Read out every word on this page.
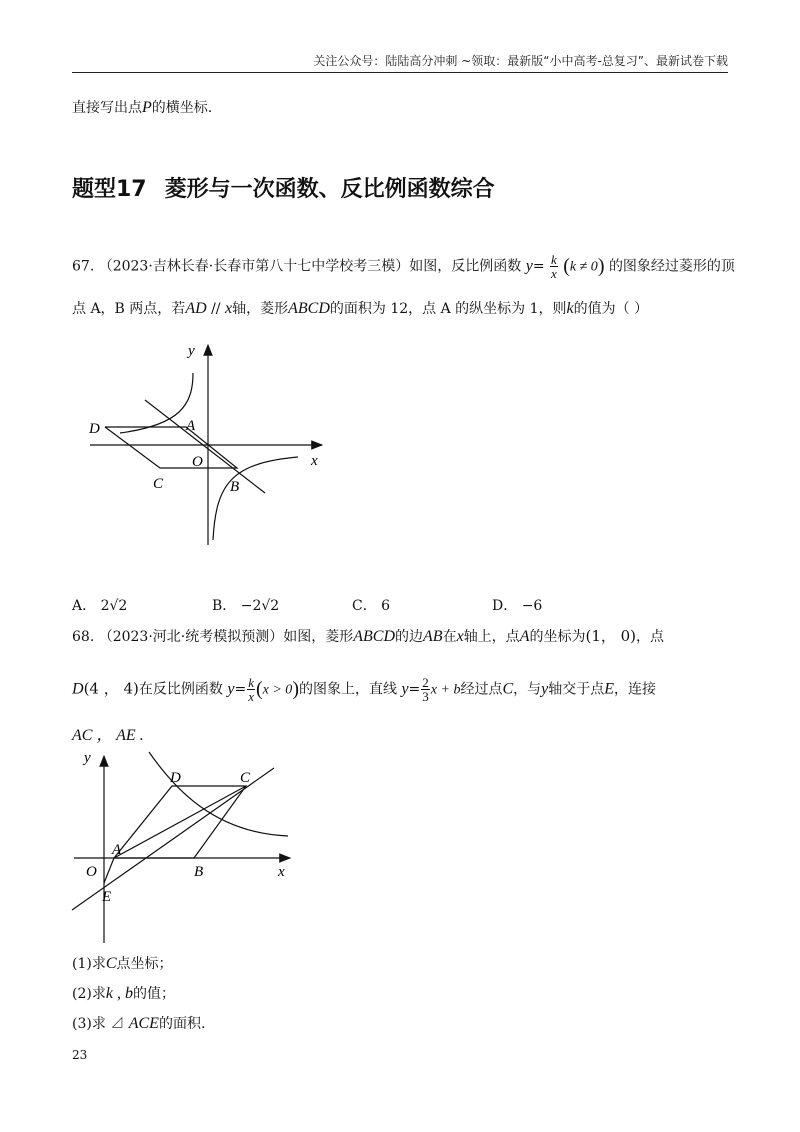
关注公众号：陆陆高分冲刺 ~领取：最新版“小中高考-总复习”、最新试卷下载
直接写出点P的横坐标.
题型17 菱形与一次函数、反比例函数综合
67. （2023·吉林长春·长春市第八十七中学校考三模）如图，反比例函数 $y= \frac{k}{x} (k \ne 0)$ 的图象经过菱形的顶
点 A，B 两点，若AD // x轴，菱形ABCD的面积为 12，点 A 的纵坐标为 1，则k的值为（ ）
y
D	A
O	x
C	B
A． 2√2	B． −2√2	C． 6	D． −6
68. （2023·河北·统考模拟预测）如图，菱形ABCD的边AB在x轴上，点A的坐标为(1， 0)，点
D(4 ， 4)在反比例函数 $y= \frac{k}{x} (x > 0)$的图象上，直线 $y= \frac{2}{3}$ x + b经过点C，与y轴交于点E，连接
AC ， AE .
y
D	C
A
B
O	x
E
(1)求C点坐标；
(2)求k , b的值；
(3)求 ⊿ ACE的面积.
23
